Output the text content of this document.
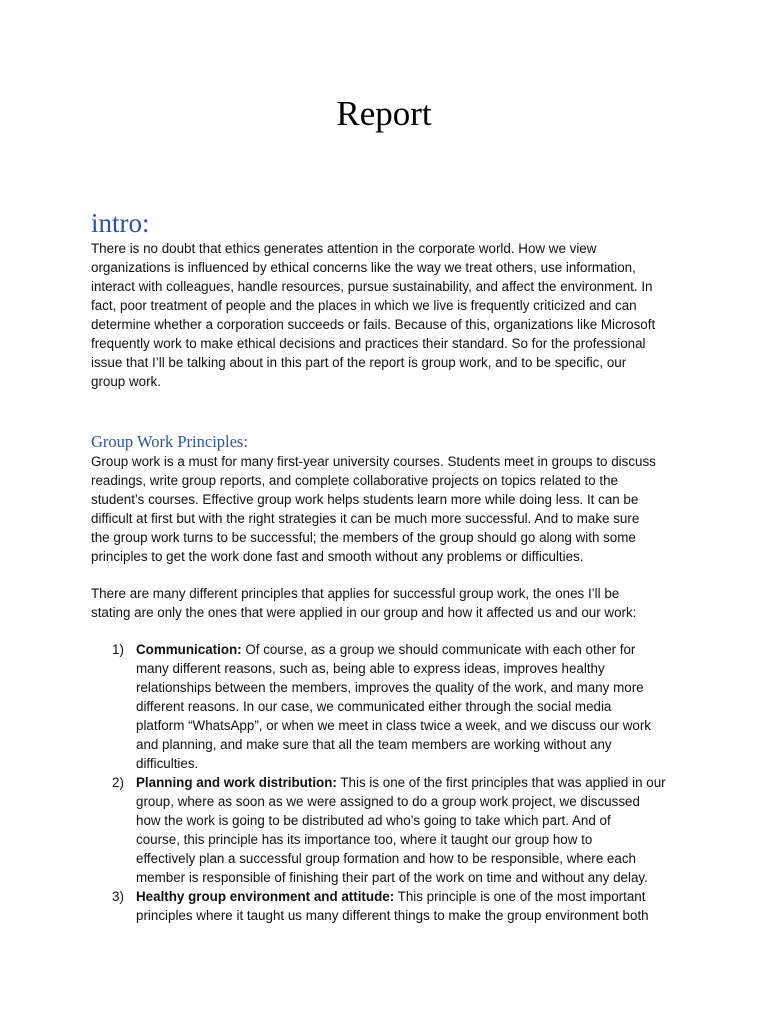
Report
intro:

There is no doubt that ethics generates attention in the corporate world. How we view
organizations is influenced by ethical concerns like the way we treat others, use information,
interact with colleagues, handle resources, pursue sustainability, and affect the environment. In
fact, poor treatment of people and the places in which we live is frequently criticized and can
determine whether a corporation succeeds or fails. Because of this, organizations like Microsoft
frequently work to make ethical decisions and practices their standard. So for the professional
issue that I’ll be talking about in this part of the report is group work, and to be specific, our
group work.

Group Work Principles:

Group work is a must for many first-year university courses. Students meet in groups to discuss
readings, write group reports, and complete collaborative projects on topics related to the
student’s courses. Effective group work helps students learn more while doing less. It can be
difficult at first but with the right strategies it can be much more successful. And to make sure
the group work turns to be successful; the members of the group should go along with some
principles to get the work done fast and smooth without any problems or difficulties.

There are many different principles that applies for successful group work, the ones I’ll be
stating are only the ones that were applied in our group and how it affected us and our work:

1) Communication: Of course, as a group we should communicate with each other for
many different reasons, such as, being able to express ideas, improves healthy
relationships between the members, improves the quality of the work, and many more
different reasons. In our case, we communicated either through the social media
platform “WhatsApp”, or when we meet in class twice a week, and we discuss our work
and planning, and make sure that all the team members are working without any
difficulties.
2) Planning and work distribution: This is one of the first principles that was applied in our
group, where as soon as we were assigned to do a group work project, we discussed
how the work is going to be distributed ad who’s going to take which part. And of
course, this principle has its importance too, where it taught our group how to
effectively plan a successful group formation and how to be responsible, where each
member is responsible of finishing their part of the work on time and without any delay.
3) Healthy group environment and attitude: This principle is one of the most important
principles where it taught us many different things to make the group environment both
